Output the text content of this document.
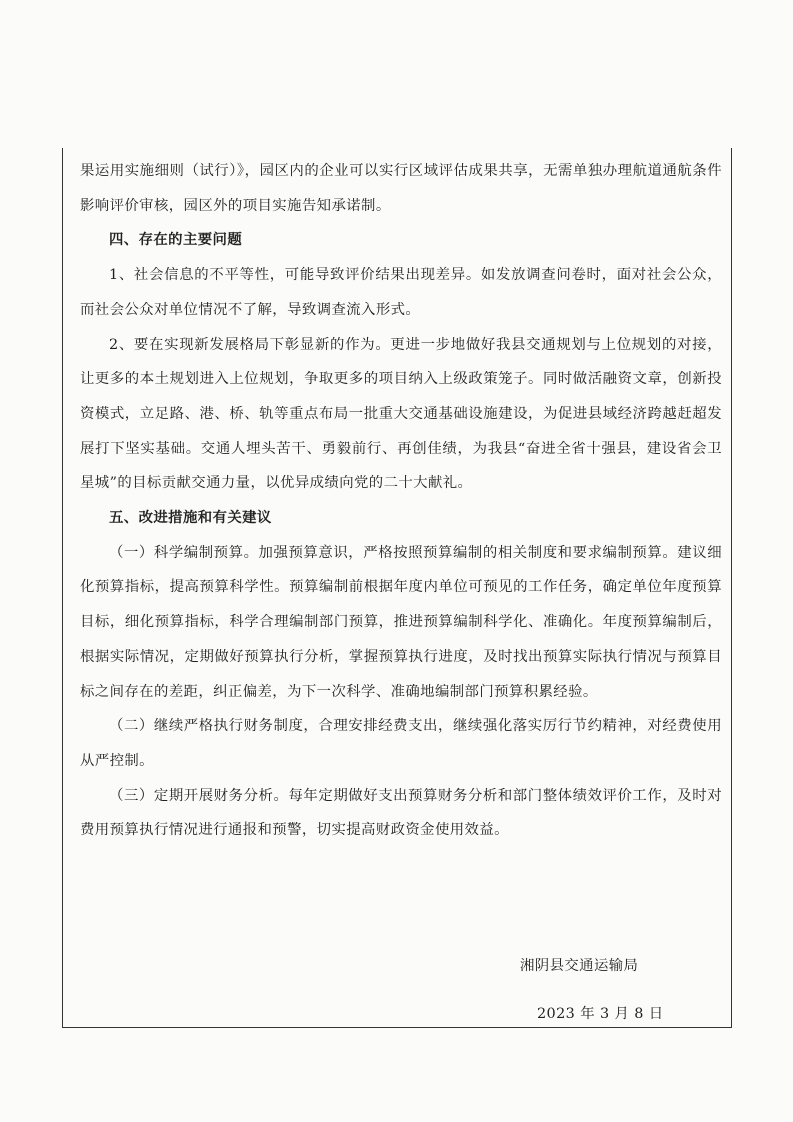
果运用实施细则（试行）》，园区内的企业可以实行区域评估成果共享，无需单独办理航道通航条件影响评价审核，园区外的项目实施告知承诺制。

四、存在的主要问题

1、社会信息的不平等性，可能导致评价结果出现差异。如发放调查问卷时，面对社会公众，而社会公众对单位情况不了解，导致调查流入形式。

2、要在实现新发展格局下彰显新的作为。更进一步地做好我县交通规划与上位规划的对接，让更多的本土规划进入上位规划，争取更多的项目纳入上级政策笼子。同时做活融资文章，创新投资模式，立足路、港、桥、轨等重点布局一批重大交通基础设施建设，为促进县域经济跨越赶超发展打下坚实基础。交通人埋头苦干、勇毅前行、再创佳绩，为我县“奋进全省十强县，建设省会卫星城”的目标贡献交通力量，以优异成绩向党的二十大献礼。

五、改进措施和有关建议

（一）科学编制预算。加强预算意识，严格按照预算编制的相关制度和要求编制预算。建议细化预算指标，提高预算科学性。预算编制前根据年度内单位可预见的工作任务，确定单位年度预算目标，细化预算指标，科学合理编制部门预算，推进预算编制科学化、准确化。年度预算编制后，根据实际情况，定期做好预算执行分析，掌握预算执行进度，及时找出预算实际执行情况与预算目标之间存在的差距，纠正偏差，为下一次科学、准确地编制部门预算积累经验。

（二）继续严格执行财务制度，合理安排经费支出，继续强化落实厉行节约精神，对经费使用从严控制。

（三）定期开展财务分析。每年定期做好支出预算财务分析和部门整体绩效评价工作，及时对费用预算执行情况进行通报和预警，切实提高财政资金使用效益。

湘阴县交通运输局
2023 年 3 月 8 日
